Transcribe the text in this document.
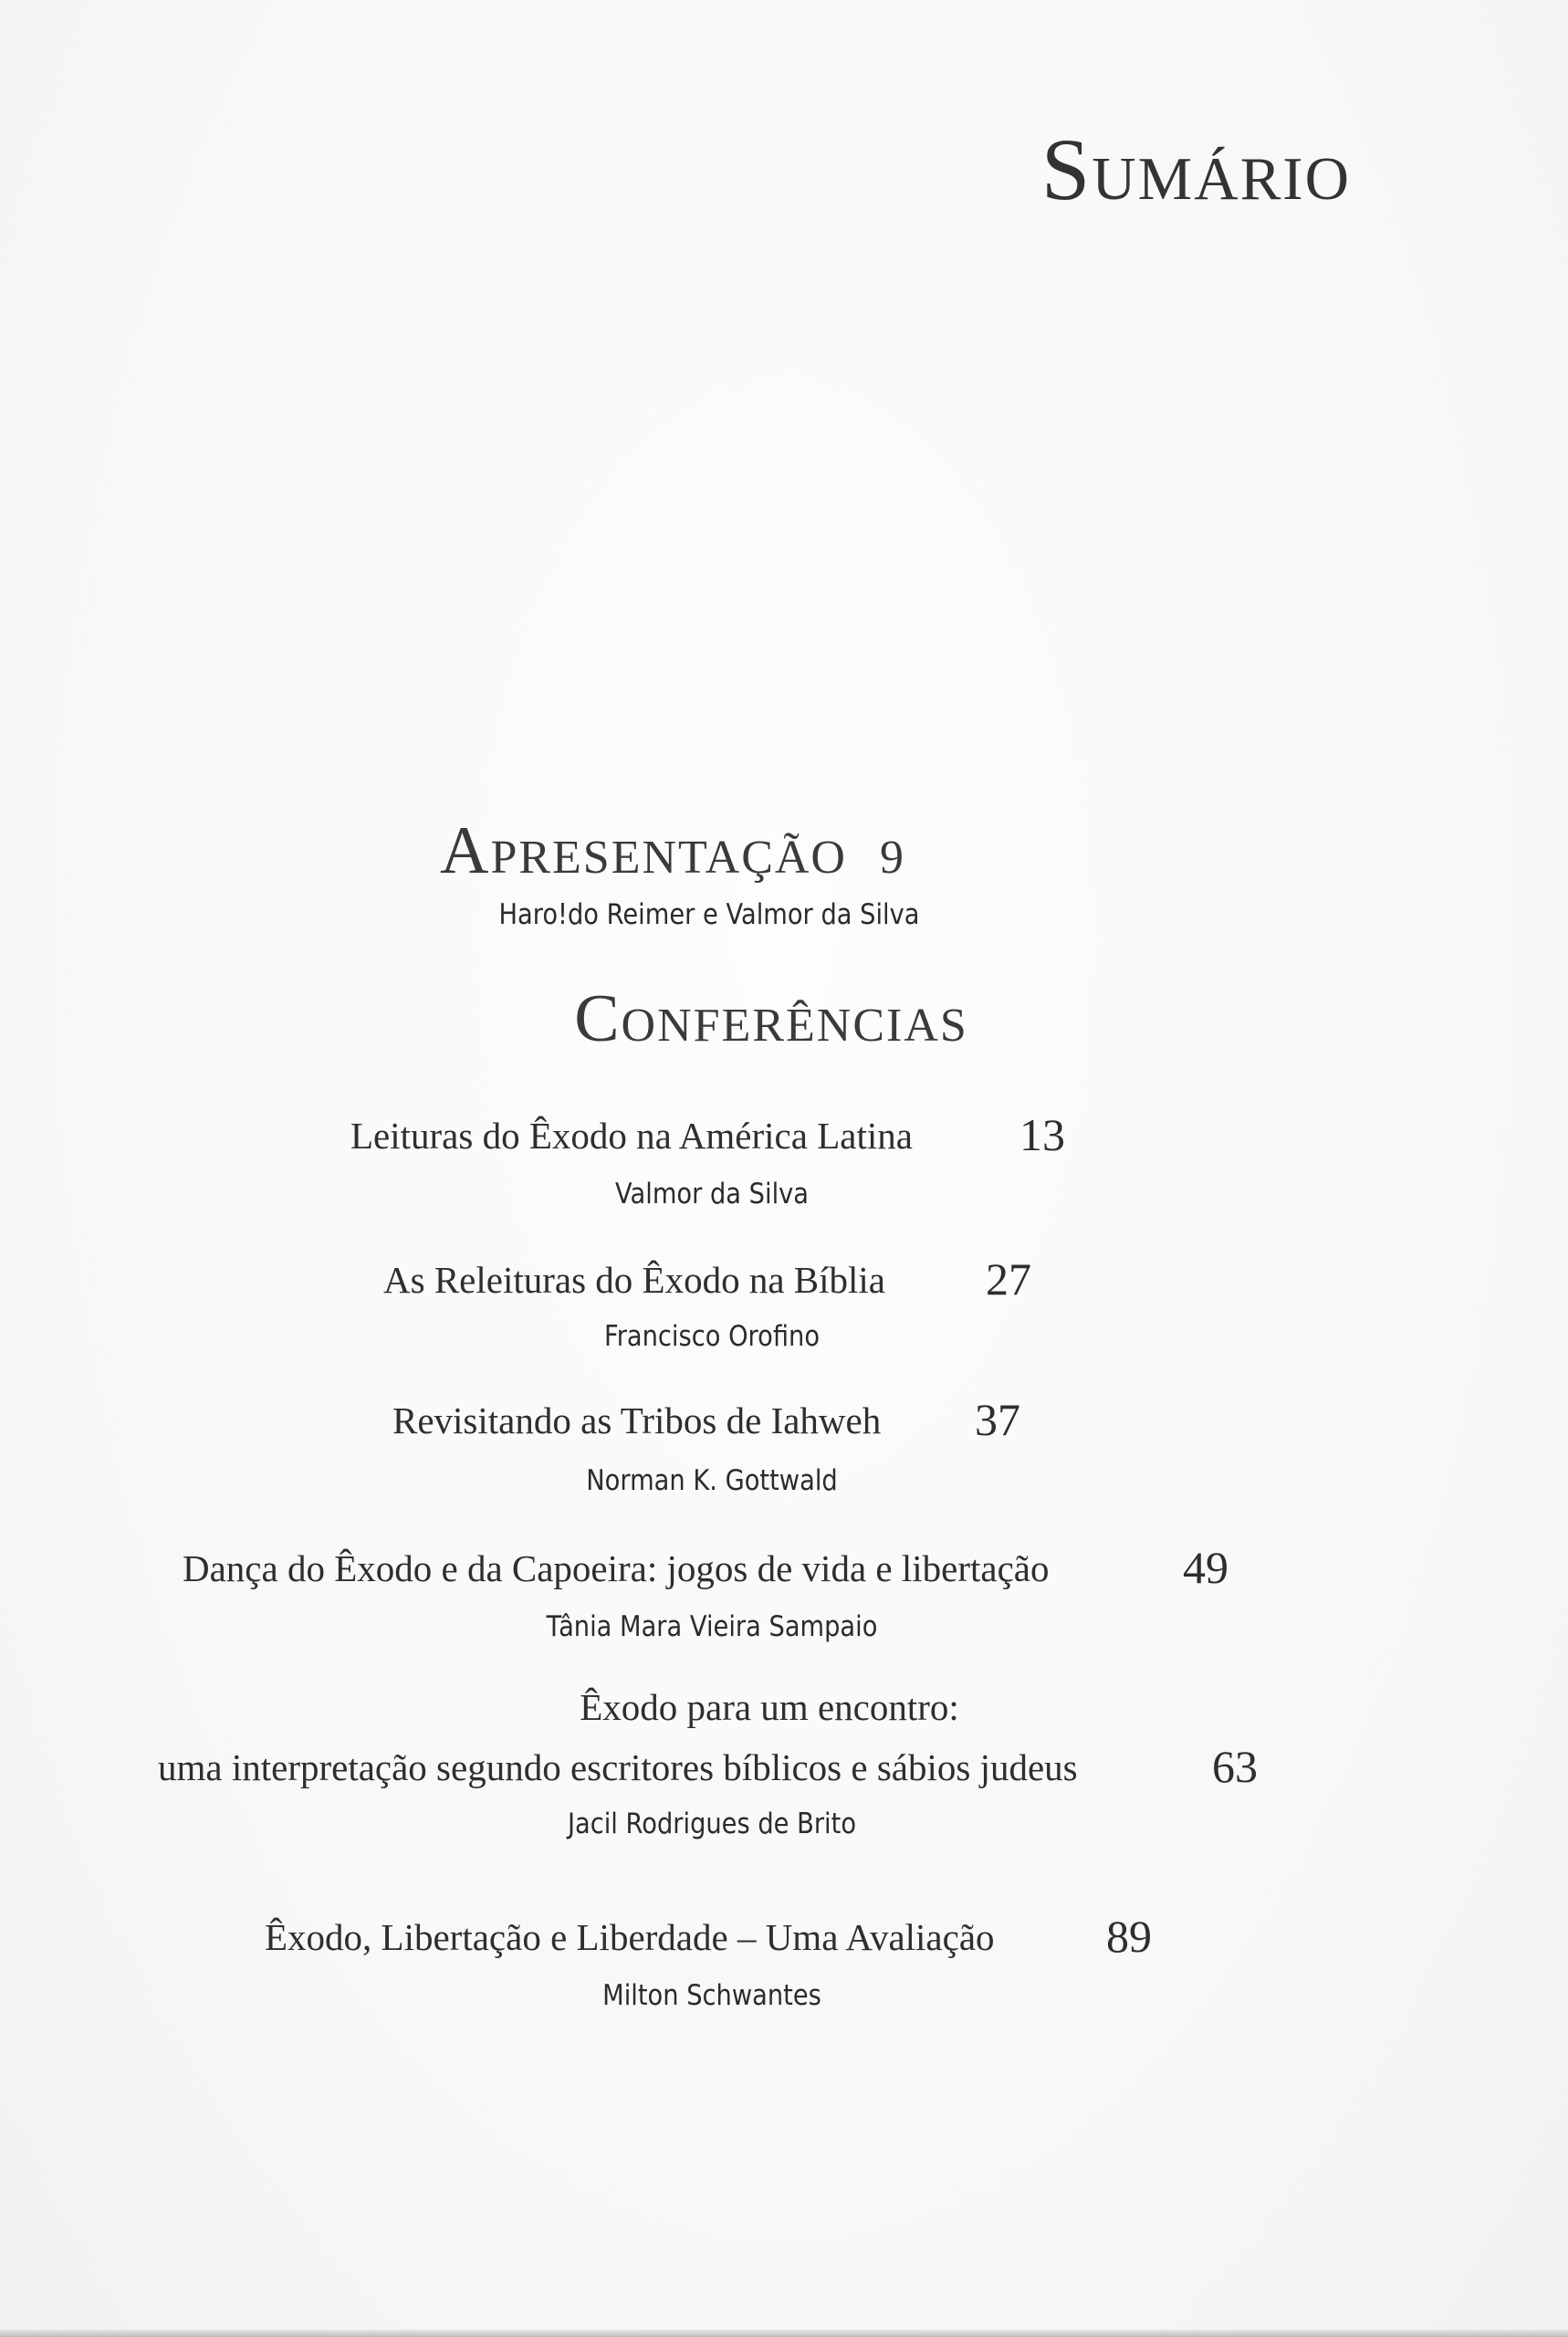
Sumário
Apresentação 9
Haro!do Reimer e Valmor da Silva
Conferências
Leituras do Êxodo na América Latina 13
Valmor da Silva
As Releituras do Êxodo na Bíblia 27
Francisco Orofino
Revisitando as Tribos de Iahweh 37
Norman K. Gottwald
Dança do Êxodo e da Capoeira: jogos de vida e libertação	49
Tânia Mara Vieira Sampaio
Êxodo para um encontro:
uma interpretação segundo escritores bíblicos e sábios judeus	63
Jacil Rodrigues de Brito
Êxodo, Libertação e Liberdade – Uma Avaliação 89
Milton Schwantes
